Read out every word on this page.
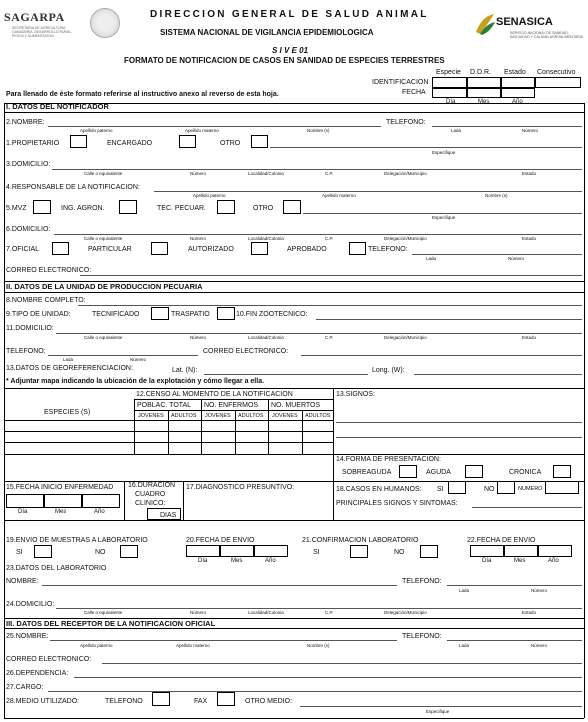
SAGARPA
SECRETARIA DE AGRICULTURA,
GANADERIA, DESARROLLO RURAL,
PESCA Y ALIMENTACION
DIRECCION GENERAL DE SALUD ANIMAL
SISTEMA NACIONAL DE VIGILANCIA EPIDEMIOLOGICA
S I V E 01
FORMATO DE NOTIFICACION DE CASOS EN SANIDAD DE ESPECIES TERRESTRES
SENASICA
SERVICIO NACIONAL DE SANIDAD,
INOCUIDAD Y CALIDAD AGROALIMENTARIA
Especie D.D.R. Estado Consecutivo
IDENTIFICACION
FECHA
Día	Mes	Año
Para llenado de éste formato referirse al instructivo anexo al reverso de esta hoja.
I. DATOS DEL NOTIFICADOR
2.NOMBRE:	TELEFONO:
Apellido paterno	Apellido materno	Nombre (s)	Lada	Número
1.PROPIETARIO	ENCARGADO	OTRO
Especifique
3.DOMICILIO:
Calle o equivalente	Número	Localidad/Colonia	C.P.	Delegación/Municipio	Estado
4.RESPONSABLE DE LA NOTIFICACION:
Apellido paterno	Apellido materno	Nombre (s)
5.MVZ	ING. AGRON.	TEC. PECUAR.	OTRO
Especifique
6.DOMICILIO:
Calle o equivalente	Número	Localidad/Colonia	C.P.	Delegación/Municipio	Estado
7.OFICIAL	PARTICULAR	AUTORIZADO	APROBADO	TELEFONO:
Lada	Número
CORREO ELECTRONICO:
II. DATOS DE LA UNIDAD DE PRODUCCION PECUARIA
8.NOMBRE COMPLETO:
9.TIPO DE UNIDAD:	TECNIFICADO	TRASPATIO	10.FIN ZOOTECNICO:
11.DOMICILIO:
Calle o equivalente	Número	Localidad/Colonia	C.P.	Delegación/Municipio	Estado
TELEFONO:
Lada	Número
CORREO ELECTRONICO:
13.DATOS DE GEOREFERENCIACION:	Lat. (N):	Long. (W):
* Adjuntar mapa indicando la ubicación de la explotación y cómo llegar a ella.
12.CENSO AL MOMENTO DE LA NOTIFICACION	13.SIGNOS:
ESPECIES (S)
POBLAC. TOTAL NO. ENFERMOS NO. MUERTOS
JOVENES ADULTOS JOVENES ADULTOS JOVENES ADULTOS
14.FORMA DE PRESENTACION:
SOBREAGUDA	AGUDA	CRONICA
15.FECHA INICIO ENFERMEDAD
Día	Mes	Año
16.DURACION
CUADRO
CLINICO:
DIAS
17.DIAGNOSTICO PRESUNTIVO:	18.CASOS EN HUMANOS: SI	NO	NUMERO
PRINCIPALES SIGNOS Y SINTOMAS:
19.ENVIO DE MUESTRAS A LABORATORIO
SI	NO
20.FECHA DE ENVIO
Día	Mes	Año
21.CONFIRMACION LABORATORIO
SI	NO
22.FECHA DE ENVIO
Día	Mes	Año
23.DATOS DEL LABORATORIO
NOMBRE:	TELEFONO:
Lada	Número
24.DOMICILIO:
Calle o equivalente	Número	Localidad/Colonia	C.P.	Delegación/Municipio	Estado
III. DATOS DEL RECEPTOR DE LA NOTIFICACION OFICIAL
25.NOMBRE:	TELEFONO:
Apellido paterno	Apellido materno	Nombre (s)	Lada	Número
CORREO ELECTRONICO:
26.DEPENDENCIA:
27.CARGO:
28.MEDIO UTILIZADO:	TELEFONO	FAX	OTRO MEDIO:
Especifique
